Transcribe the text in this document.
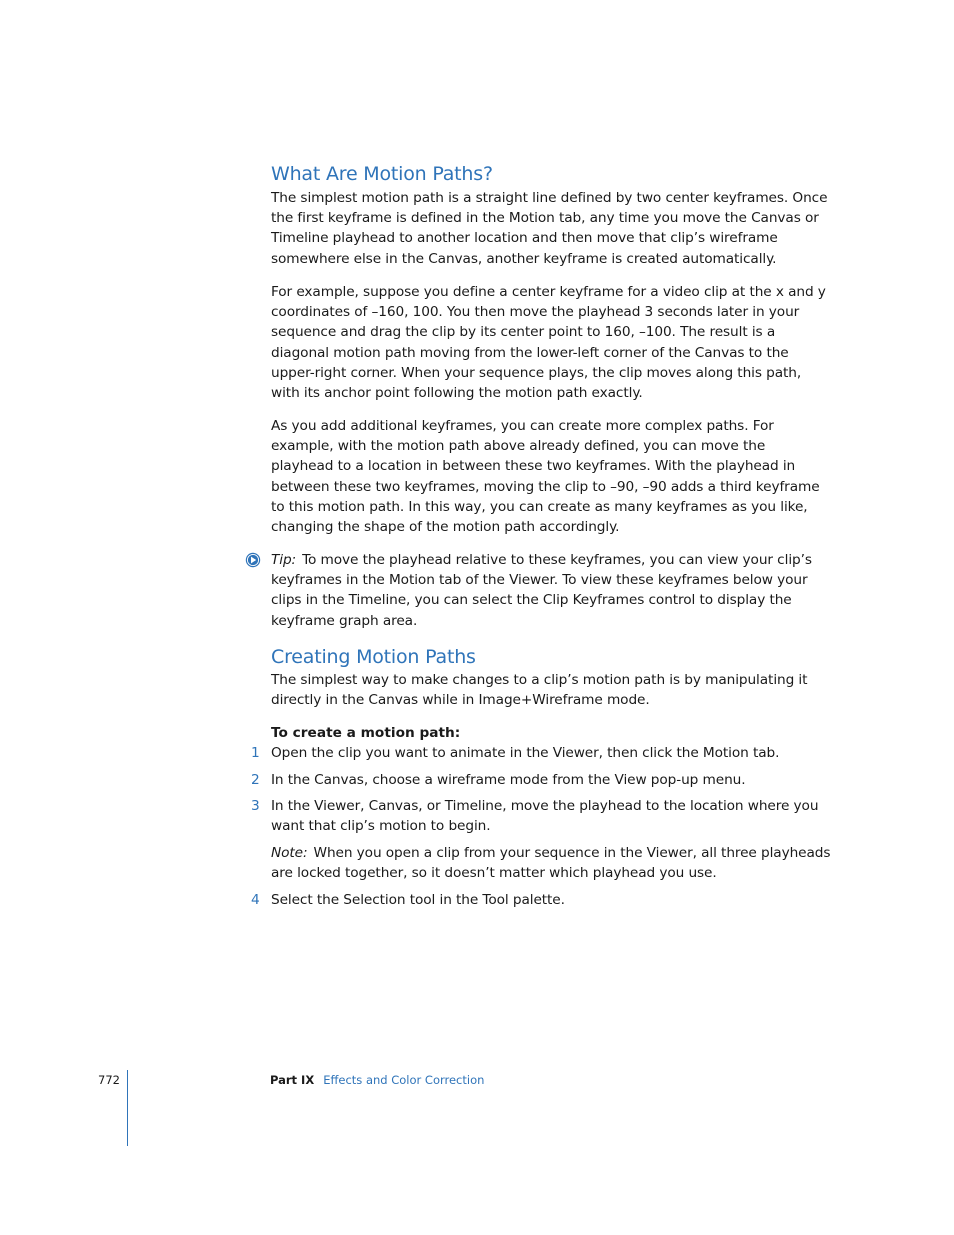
What Are Motion Paths?

The simplest motion path is a straight line defined by two center keyframes. Once the first keyframe is defined in the Motion tab, any time you move the Canvas or Timeline playhead to another location and then move that clip’s wireframe somewhere else in the Canvas, another keyframe is created automatically.

For example, suppose you define a center keyframe for a video clip at the x and y coordinates of –160, 100. You then move the playhead 3 seconds later in your sequence and drag the clip by its center point to 160, –100. The result is a diagonal motion path moving from the lower-left corner of the Canvas to the upper-right corner. When your sequence plays, the clip moves along this path, with its anchor point following the motion path exactly.

As you add additional keyframes, you can create more complex paths. For example, with the motion path above already defined, you can move the playhead to a location in between these two keyframes. With the playhead in between these two keyframes, moving the clip to –90, –90 adds a third keyframe to this motion path. In this way, you can create as many keyframes as you like, changing the shape of the motion path accordingly.

Tip: To move the playhead relative to these keyframes, you can view your clip’s keyframes in the Motion tab of the Viewer. To view these keyframes below your clips in the Timeline, you can select the Clip Keyframes control to display the keyframe graph area.

Creating Motion Paths

The simplest way to make changes to a clip’s motion path is by manipulating it directly in the Canvas while in Image+Wireframe mode.

To create a motion path:
1 Open the clip you want to animate in the Viewer, then click the Motion tab.

2 In the Canvas, choose a wireframe mode from the View pop-up menu.

3 In the Viewer, Canvas, or Timeline, move the playhead to the location where you want that clip’s motion to begin.

Note: When you open a clip from your sequence in the Viewer, all three playheads are locked together, so it doesn’t matter which playhead you use.

4 Select the Selection tool in the Tool palette.

772	Part IX Effects and Color Correction
